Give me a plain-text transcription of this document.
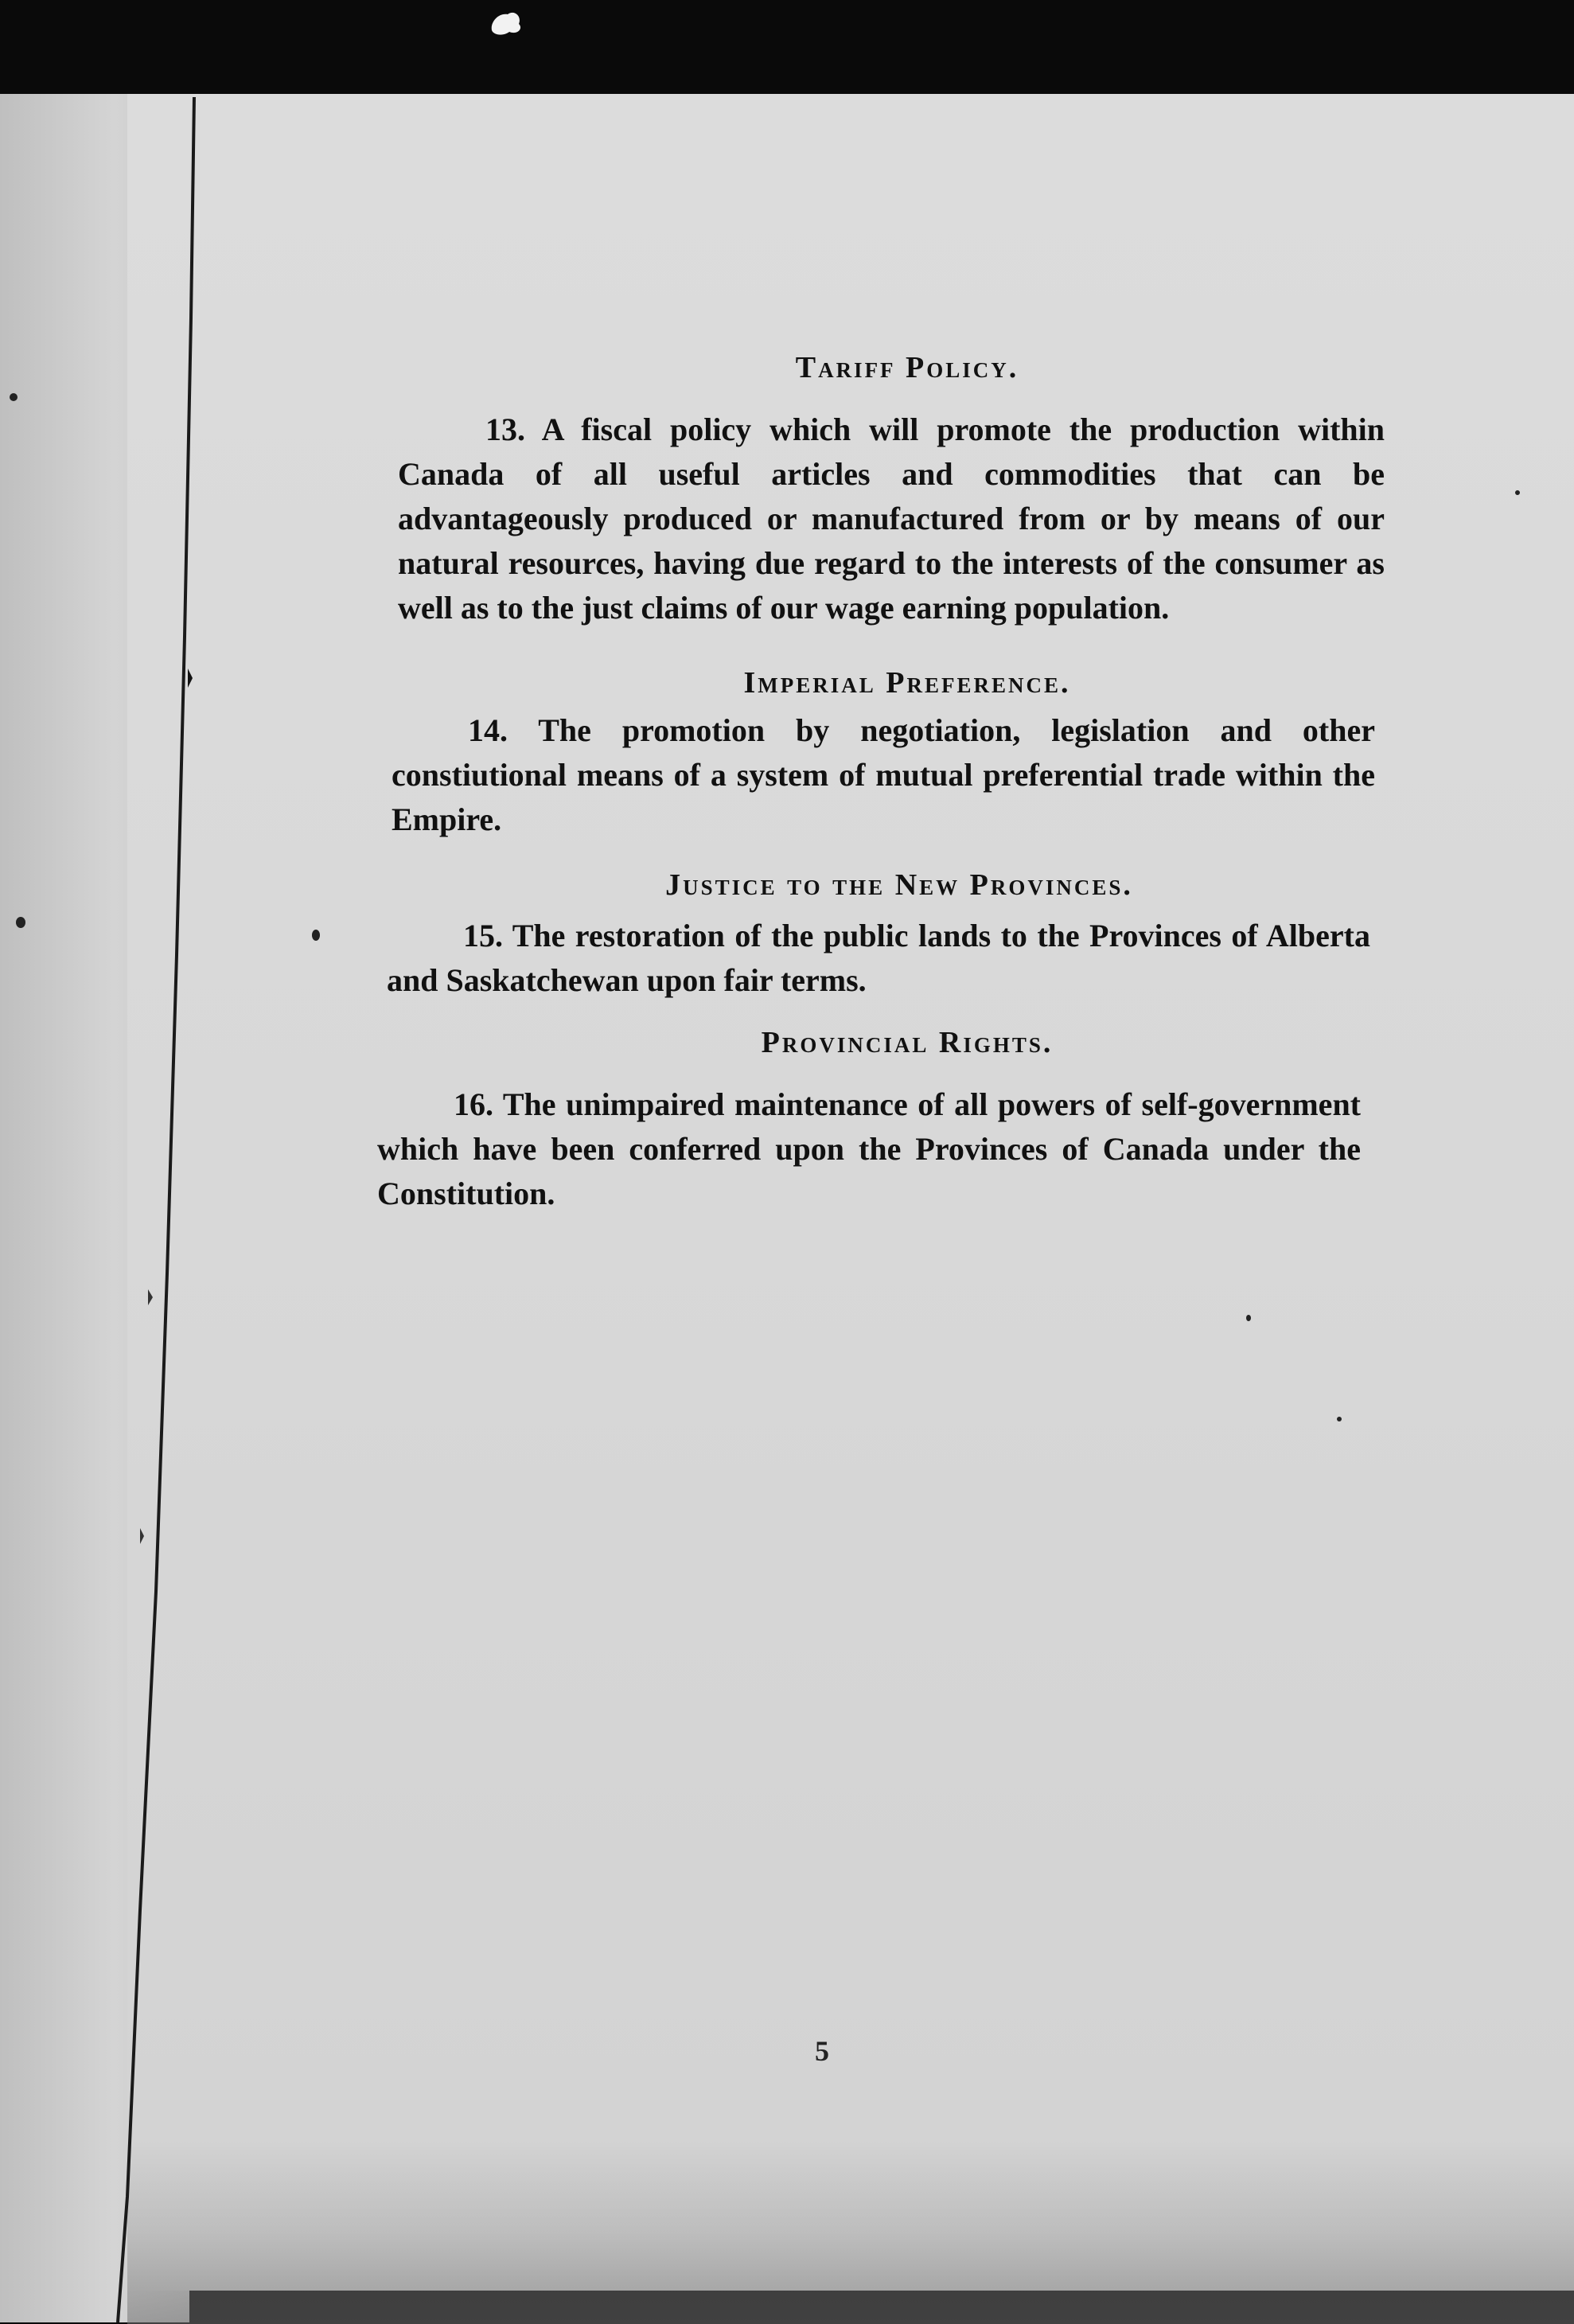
Tariff Policy.
13. A fiscal policy which will promote the production within Canada of all useful articles and commodities that can be advantageously produced or manufactured from or by means of our natural resources, having due regard to the interests of the consumer as well as to the just claims of our wage earning population.
Imperial Preference.
14. The promotion by negotiation, legislation and other constiutional means of a system of mutual preferential trade within the Empire.
Justice to the New Provinces.
15. The restoration of the public lands to the Provinces of Alberta and Saskatchewan upon fair terms.
Provincial Rights.
16. The unimpaired maintenance of all powers of self-government which have been conferred upon the Provinces of Canada under the Constitution.
5
